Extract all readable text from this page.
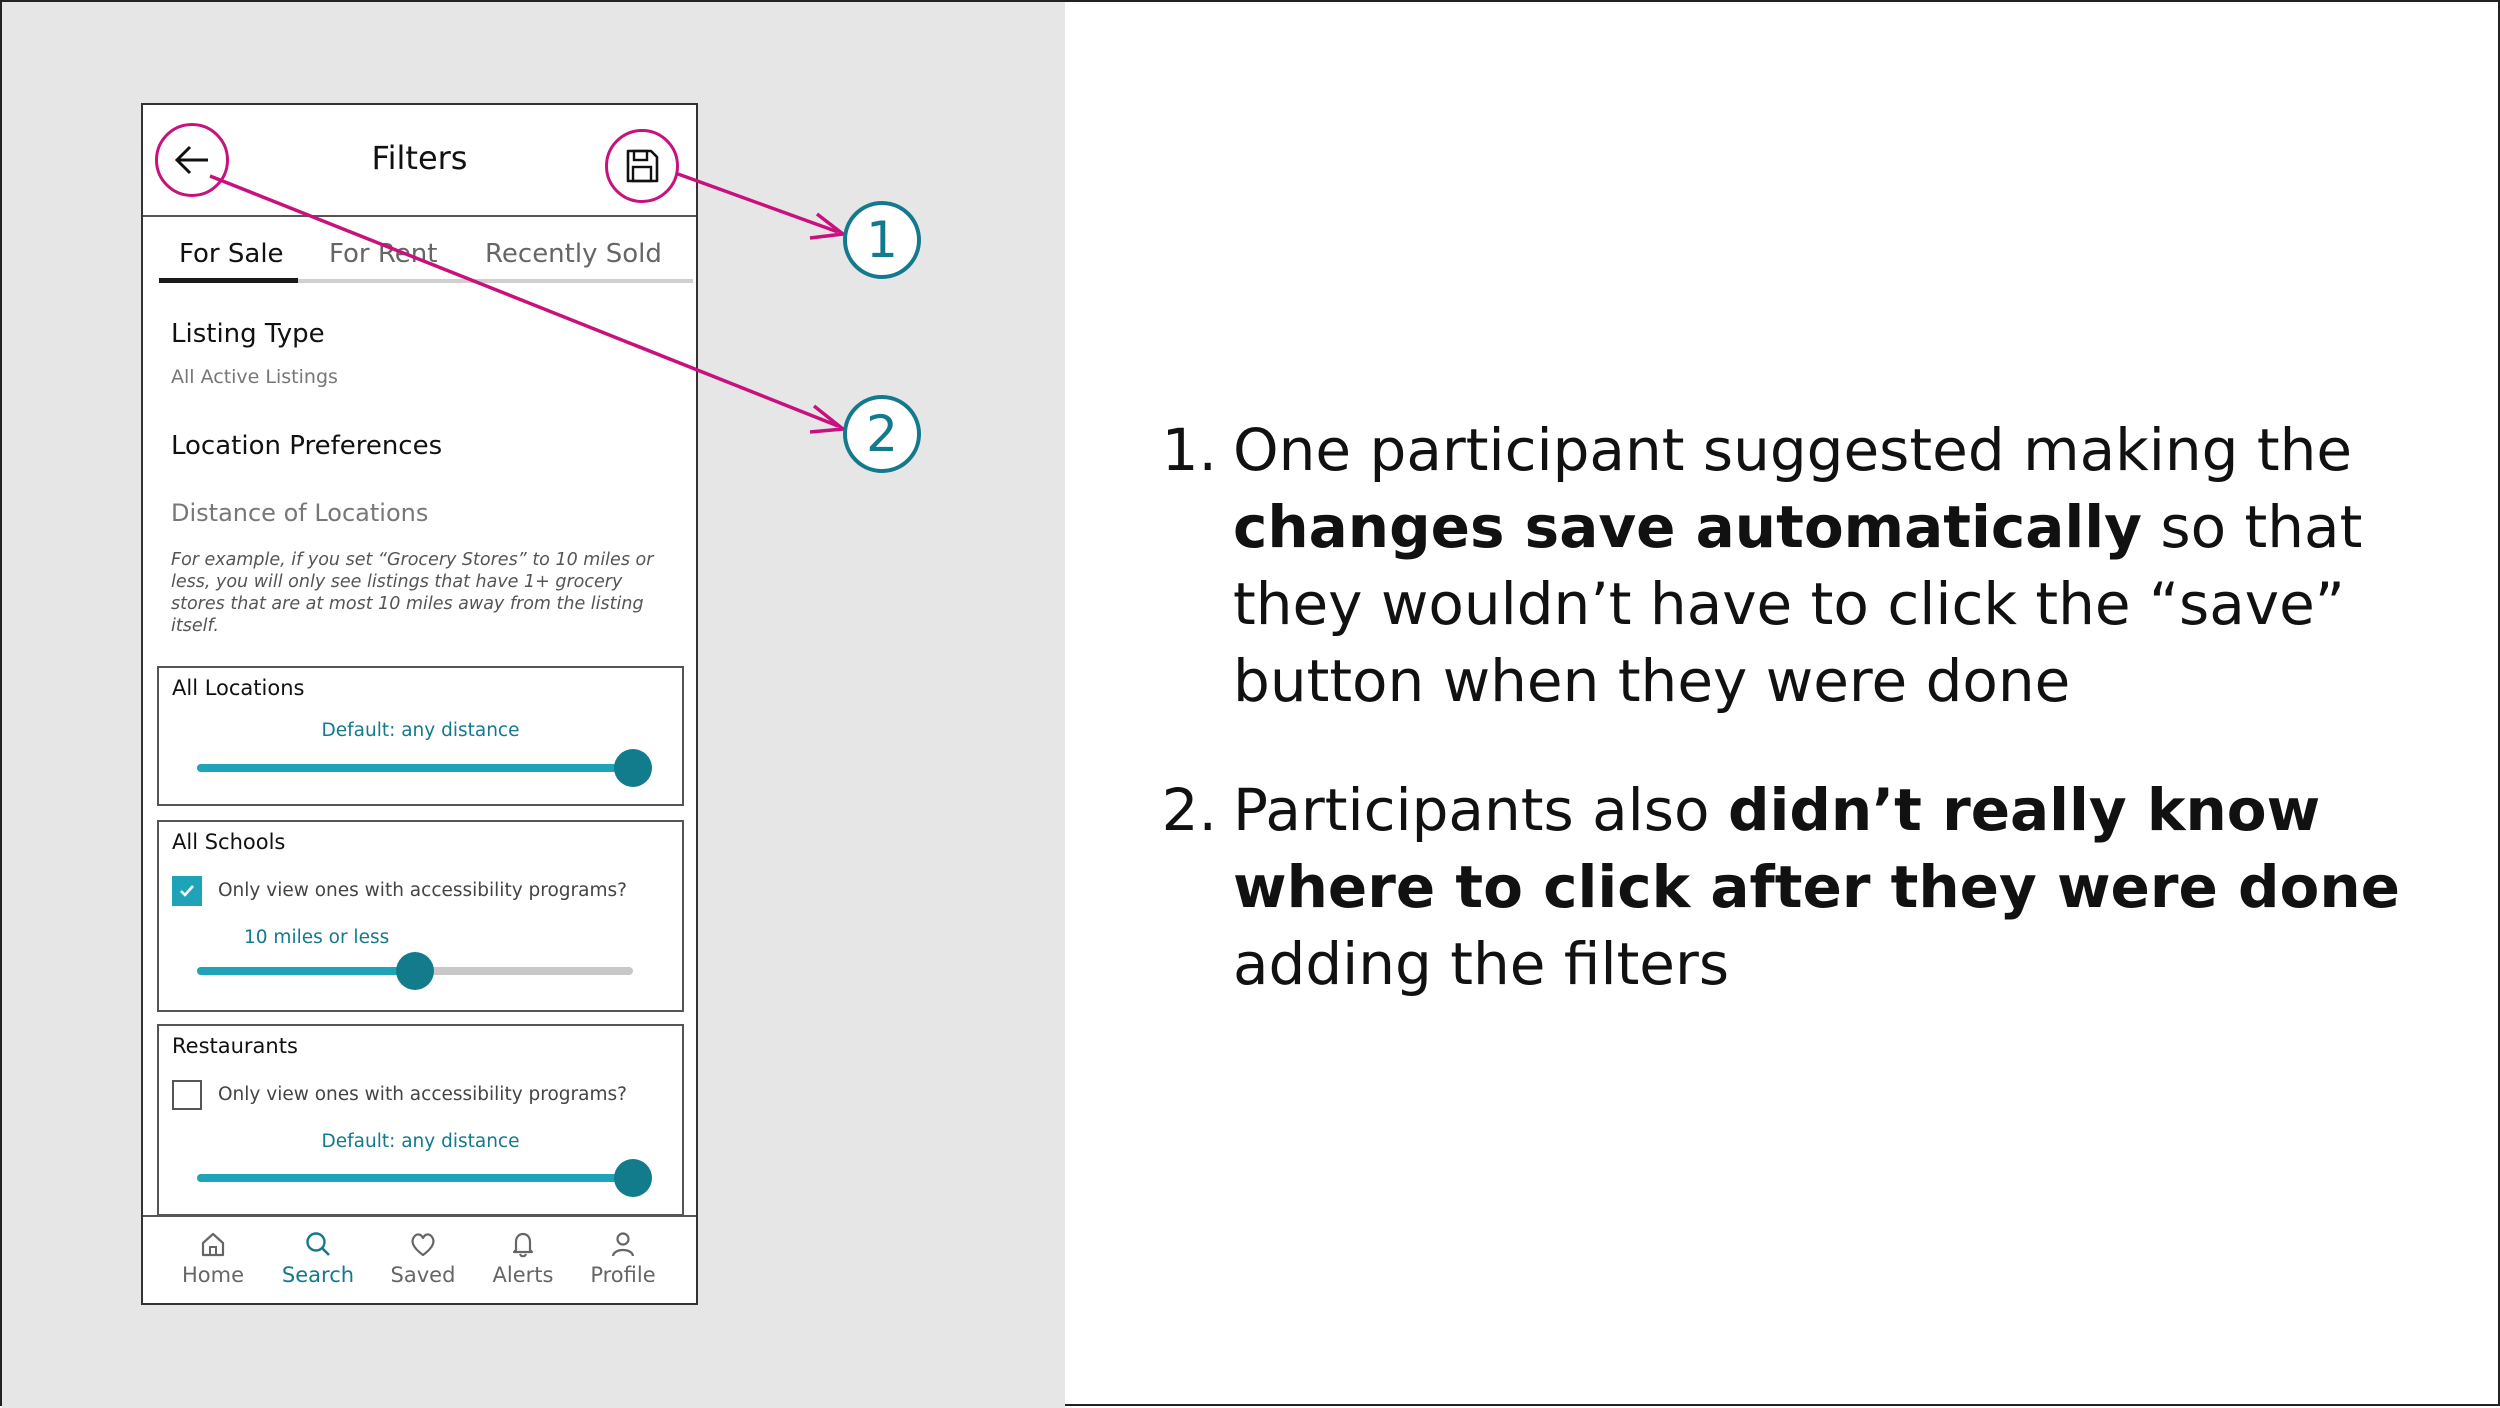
Filters
For Sale For Rent Recently Sold
Listing Type
All Active Listings
Location Preferences
Distance of Locations
For example, if you set “Grocery Stores” to 10 miles or less, you will only see listings that have 1+ grocery stores that are at most 10 miles away from the listing itself.
All Locations
Default: any distance
All Schools
Only view ones with accessibility programs?
10 miles or less
Restaurants
Only view ones with accessibility programs?
Default: any distance
Home Search Saved Alerts Profile
1
2	1. One participant suggested making the changes save automatically so that they wouldn’t have to click the “save” button when they were done
2. Participants also didn’t really know where to click after they were done adding the filters
